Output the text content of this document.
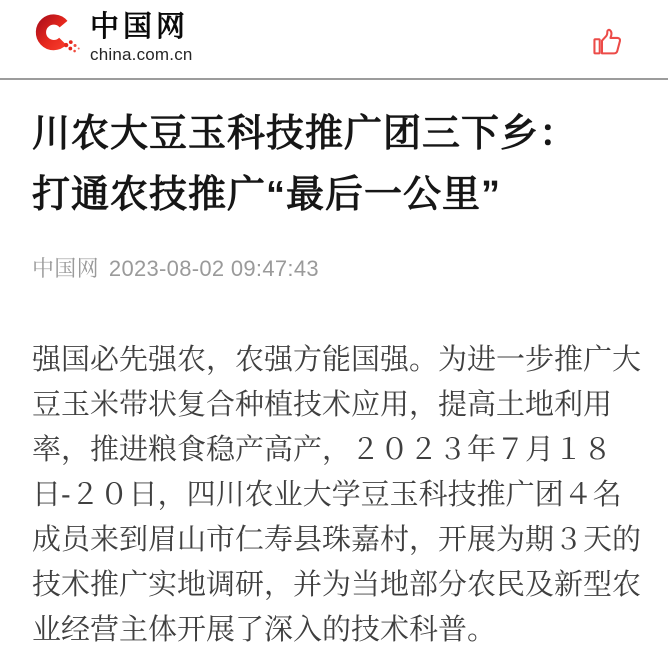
中国网
china.com.cn
川农大豆玉科技推广团三下乡：打通农技推广“最后一公里”
中国网 2023-08-02 09:47:43

强国必先强农，农强方能国强。为进一步推广大豆玉米带状复合种植技术应用，提高土地利用率，推进粮食稳产高产，２０２３年７月１８日-２０日，四川农业大学豆玉科技推广团４名成员来到眉山市仁寿县珠嘉村，开展为期３天的技术推广实地调研，并为当地部分农民及新型农业经营主体开展了深入的技术科普。
